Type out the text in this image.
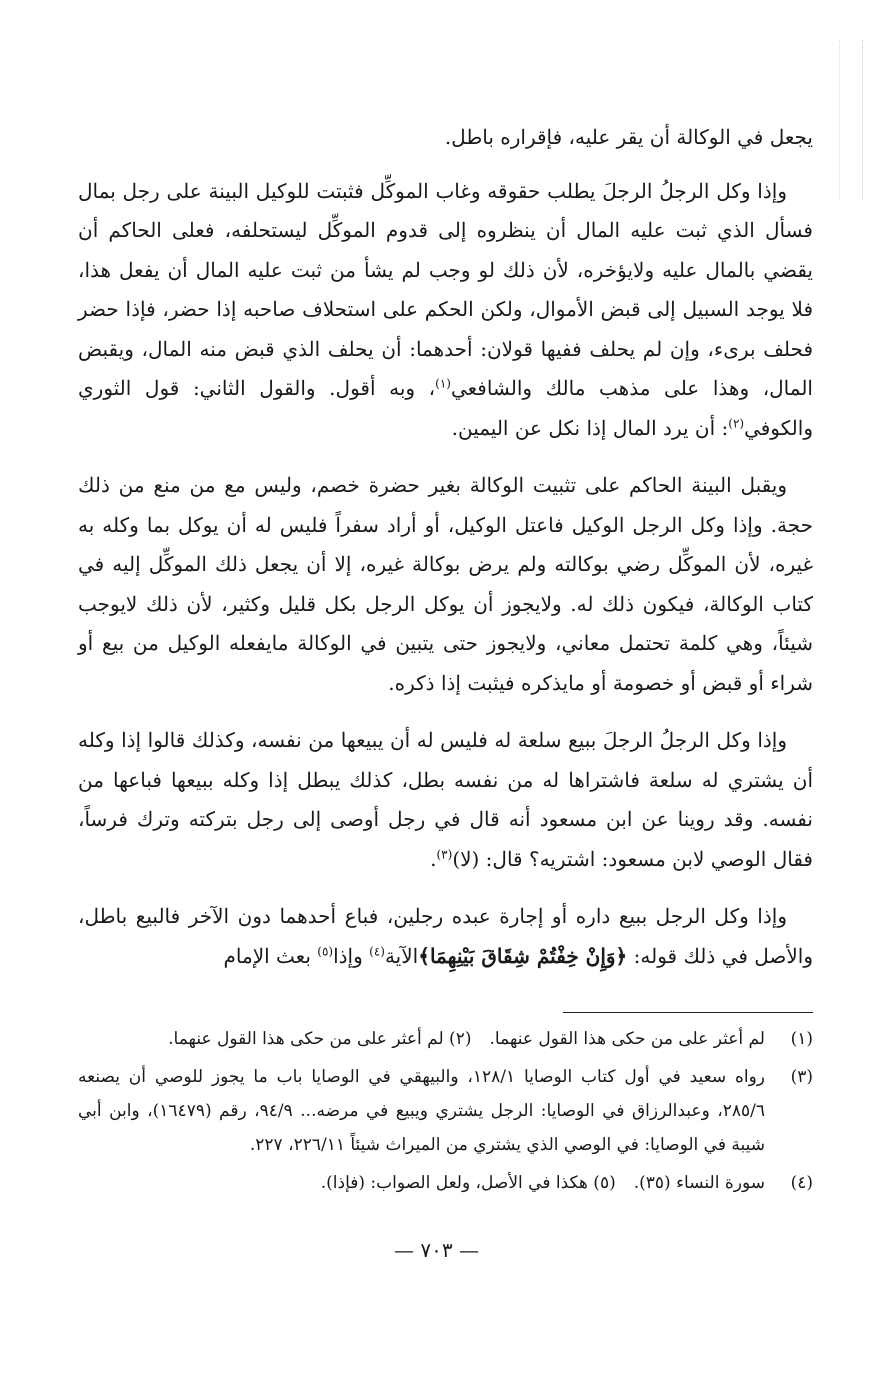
يجعل في الوكالة أن يقر عليه، فإقراره باطل.

وإذا وكل الرجلُ الرجلَ يطلب حقوقه وغاب الموكِّل فثبتت للوكيل البينة على رجل بمال فسأل الذي ثبت عليه المال أن ينظروه إلى قدوم الموكِّل ليستحلفه، فعلى الحاكم أن يقضي بالمال عليه ولايؤخره، لأن ذلك لو وجب لم يشأ من ثبت عليه المال أن يفعل هذا، فلا يوجد السبيل إلى قبض الأموال، ولكن الحكم على استحلاف صاحبه إذا حضر، فإذا حضر فحلف برىء، وإن لم يحلف ففيها قولان: أحدهما: أن يحلف الذي قبض منه المال، ويقبض المال، وهذا على مذهب مالك والشافعي$^{(١)}$، وبه أقول. والقول الثاني: قول الثوري والكوفي$^{(٢)}$: أن يرد المال إذا نكل عن اليمين.

ويقبل البينة الحاكم على تثبيت الوكالة بغير حضرة خصم، وليس مع من منع من ذلك حجة. وإذا وكل الرجل الوكيل فاعتل الوكيل، أو أراد سفراً فليس له أن يوكل بما وكله به غيره، لأن الموكِّل رضي بوكالته ولم يرض بوكالة غيره، إلا أن يجعل ذلك الموكِّل إليه في كتاب الوكالة، فيكون ذلك له. ولايجوز أن يوكل الرجل بكل قليل وكثير، لأن ذلك لايوجب شيئاً، وهي كلمة تحتمل معاني، ولايجوز حتى يتبين في الوكالة مايفعله الوكيل من بيع أو شراء أو قبض أو خصومة أو مايذكره فيثبت إذا ذكره.

وإذا وكل الرجلُ الرجلَ ببيع سلعة له فليس له أن يبيعها من نفسه، وكذلك قالوا إذا وكله أن يشتري له سلعة فاشتراها له من نفسه بطل، كذلك يبطل إذا وكله ببيعها فباعها من نفسه. وقد روينا عن ابن مسعود أنه قال في رجل أوصى إلى رجل بتركته وترك فرساً، فقال الوصي لابن مسعود: اشتريه؟ قال: (لا)$^{(٣)}$.

وإذا وكل الرجل ببيع داره أو إجارة عبده رجلين، فباع أحدهما دون الآخر فالبيع باطل، والأصل في ذلك قوله: ﴿وَإِنْ خِفْتُمْ شِقَاقَ بَيْنِهِمَا﴾الآية$^{(٤)}$ وإذا$^{(٥)}$ بعث الإمام

(١)
لم أعثر على من حكى هذا القول عنهما.(٢) لم أعثر على من حكى هذا القول عنهما.
(٣)
رواه سعيد في أول كتاب الوصايا ١٢٨/١، والبيهقي في الوصايا باب ما يجوز للوصي أن يصنعه ٢٨٥/٦، وعبدالرزاق في الوصايا: الرجل يشتري ويبيع في مرضه... ٩٤/٩، رقم (١٦٤٧٩)، وابن أبي شيبة في الوصايا: في الوصي الذي يشتري من الميراث شيئاً ٢٢٦/١١، ٢٢٧.
(٤)
سورة النساء (٣٥).(٥) هكذا في الأصل، ولعل الصواب: (فإذا).
— ٧٠٣ —
